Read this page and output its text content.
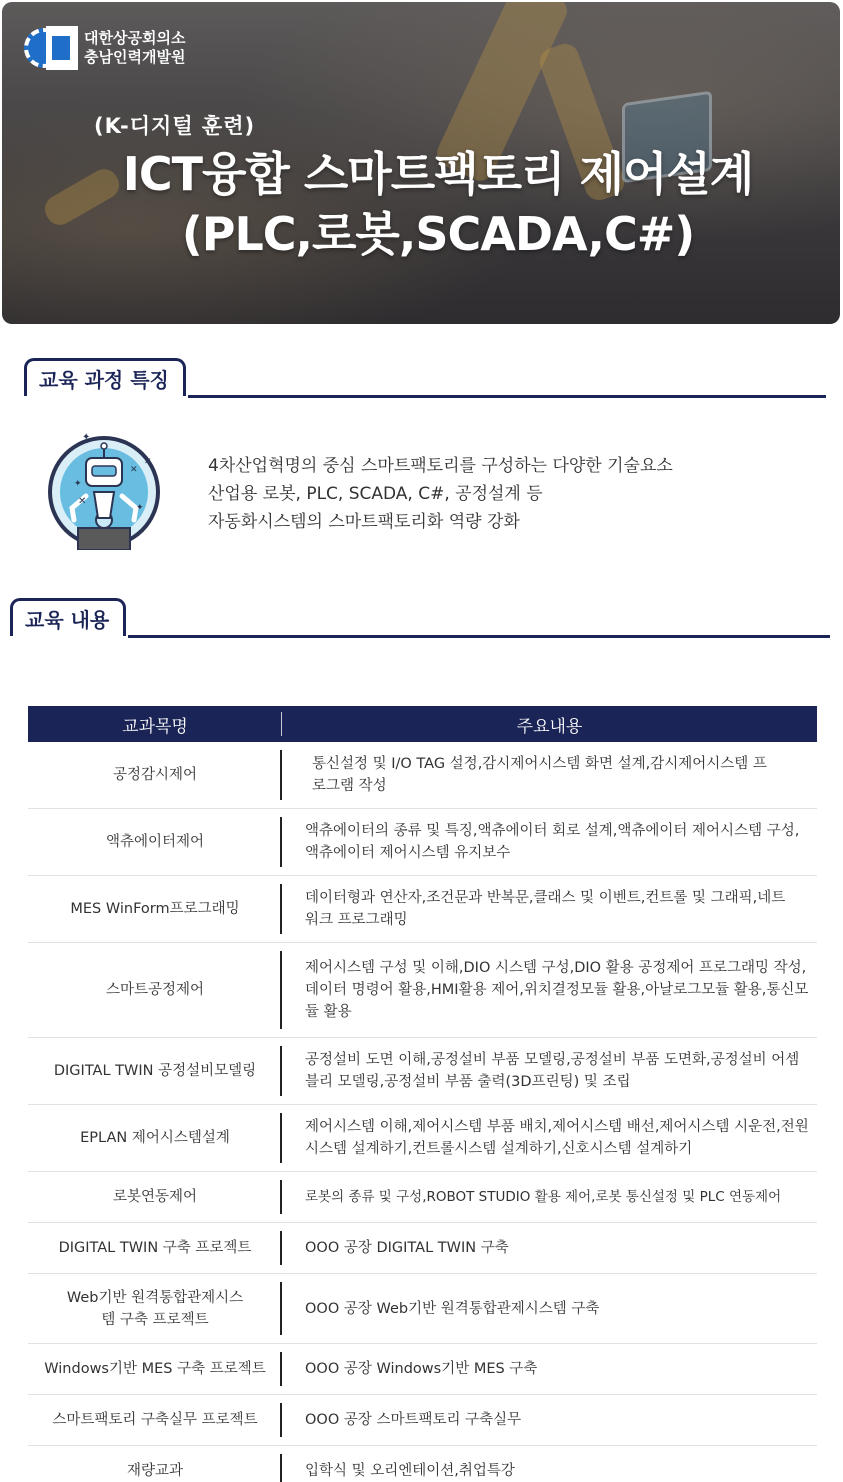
대한상공회의소
충남인력개발원
(K-디지털 훈련)
ICT융합 스마트팩토리 제어설계
(PLC,로봇,SCADA,C#)
교육 과정 특징
✕
✕
✕
✦
✦
✦
4차산업혁명의 중심 스마트팩토리를 구성하는 다양한 기술요소
산업용 로봇, PLC, SCADA, C#, 공정설계 등
자동화시스템의 스마트팩토리화 역량 강화
교육 내용
교과목명	주요내용
공정감시제어	통신설정 및 I/O TAG 설정,감시제어시스템 화면 설계,감시제어시스템 프로그램 작성
액츄에이터제어	액츄에이터의 종류 및 특징,액츄에이터 회로 설계,액츄에이터 제어시스템 구성,액츄에이터 제어시스템 유지보수
MES WinForm프로그래밍	데이터형과 연산자,조건문과 반복문,클래스 및 이벤트,컨트롤 및 그래픽,네트워크 프로그래밍
스마트공정제어	제어시스템 구성 및 이해,DIO 시스템 구성,DIO 활용 공정제어 프로그래밍 작성,데이터 명령어 활용,HMI활용 제어,위치결정모듈 활용,아날로그모듈 활용,통신모듈 활용
DIGITAL TWIN 공정설비모델링	공정설비 도면 이해,공정설비 부품 모델링,공정설비 부품 도면화,공정설비 어셈블리 모델링,공정설비 부품 출력(3D프린팅) 및 조립
EPLAN 제어시스템설계	제어시스템 이해,제어시스템 부품 배치,제어시스템 배선,제어시스템 시운전,전원시스템 설계하기,컨트롤시스템 설계하기,신호시스템 설계하기
로봇연동제어	로봇의 종류 및 구성,ROBOT STUDIO 활용 제어,로봇 통신설정 및 PLC 연동제어
DIGITAL TWIN 구축 프로젝트	OOO 공장 DIGITAL TWIN 구축
Web기반 원격통합관제시스템 구축 프로젝트	OOO 공장 Web기반 원격통합관제시스템 구축
Windows기반 MES 구축 프로젝트	OOO 공장 Windows기반 MES 구축
스마트팩토리 구축실무 프로젝트	OOO 공장 스마트팩토리 구축실무
재량교과	입학식 및 오리엔테이션,취업특강
